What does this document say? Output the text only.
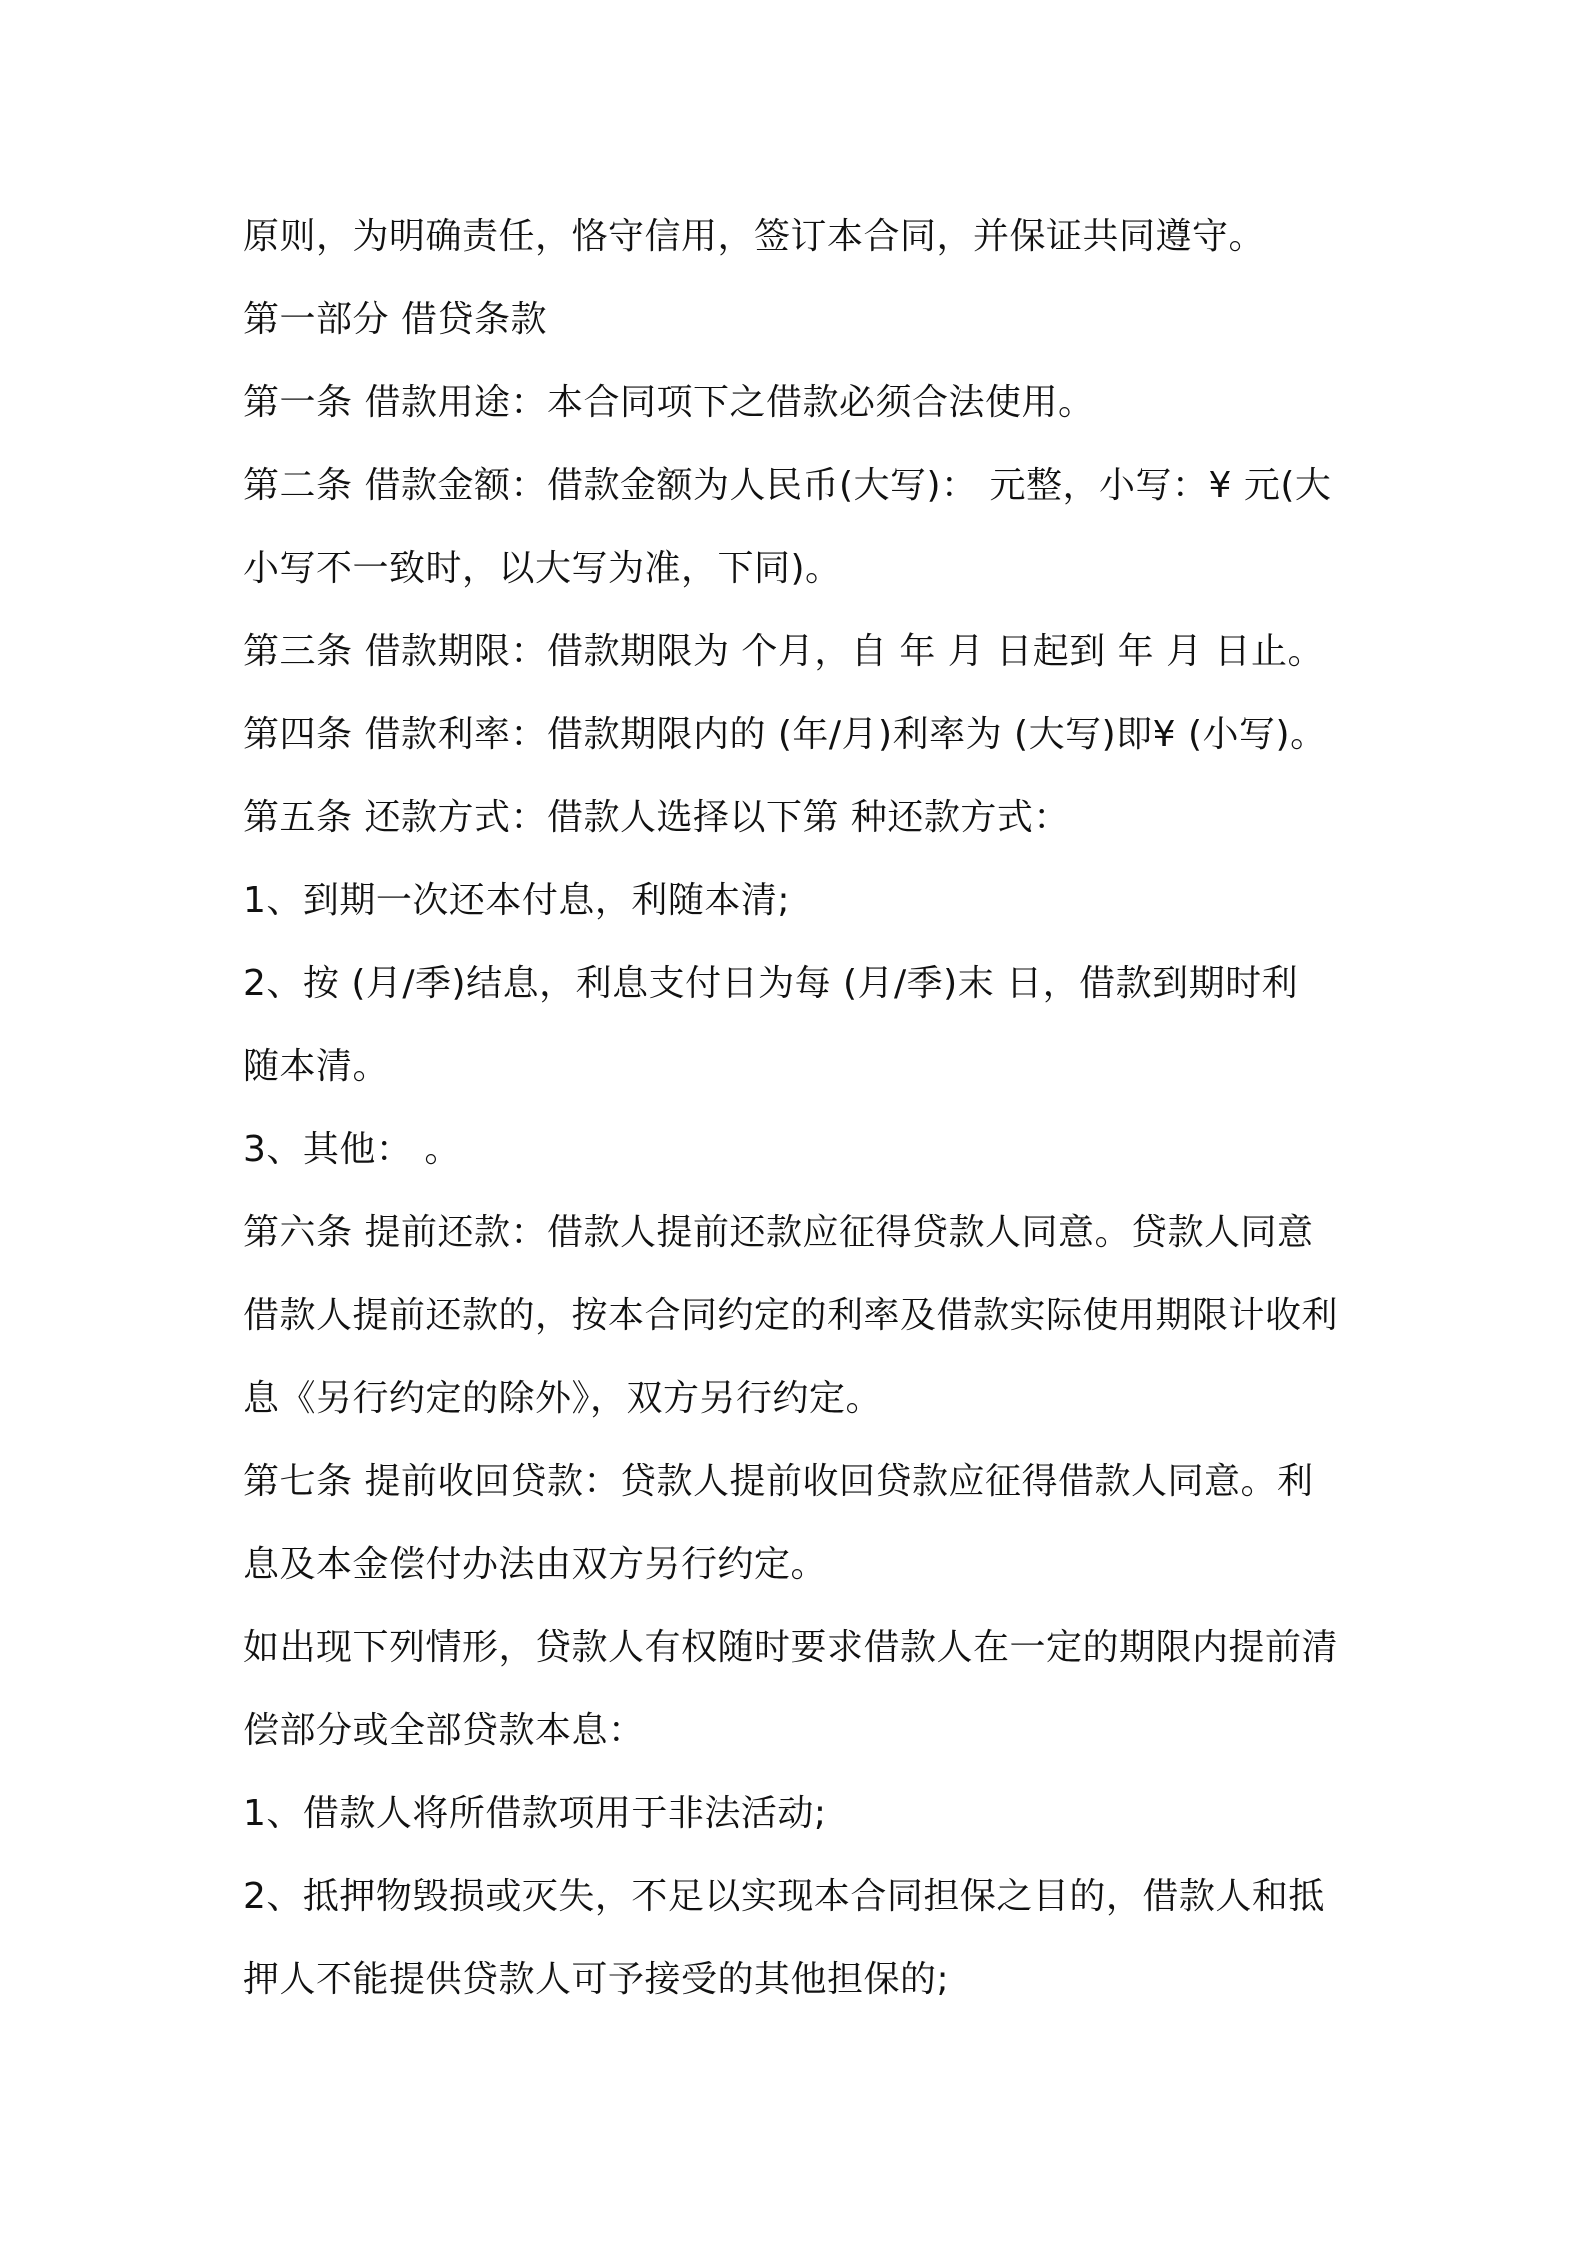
原则，为明确责任，恪守信用，签订本合同，并保证共同遵守。
第一部分 借贷条款
第一条 借款用途：本合同项下之借款必须合法使用。
第二条 借款金额：借款金额为人民币(大写)： 元整，小写：¥ 元(大
小写不一致时，以大写为准，下同)。
第三条 借款期限：借款期限为 个月，自 年 月 日起到 年 月 日止。
第四条 借款利率：借款期限内的 (年/月)利率为 (大写)即¥ (小写)。
第五条 还款方式：借款人选择以下第 种还款方式：
1、到期一次还本付息，利随本清;
2、按 (月/季)结息，利息支付日为每 (月/季)末 日，借款到期时利
随本清。
3、其他： 。
第六条 提前还款：借款人提前还款应征得贷款人同意。贷款人同意
借款人提前还款的，按本合同约定的利率及借款实际使用期限计收利
息《另行约定的除外》，双方另行约定。
第七条 提前收回贷款：贷款人提前收回贷款应征得借款人同意。利
息及本金偿付办法由双方另行约定。
如出现下列情形，贷款人有权随时要求借款人在一定的期限内提前清
偿部分或全部贷款本息：
1、借款人将所借款项用于非法活动;
2、抵押物毁损或灭失，不足以实现本合同担保之目的，借款人和抵
押人不能提供贷款人可予接受的其他担保的;
